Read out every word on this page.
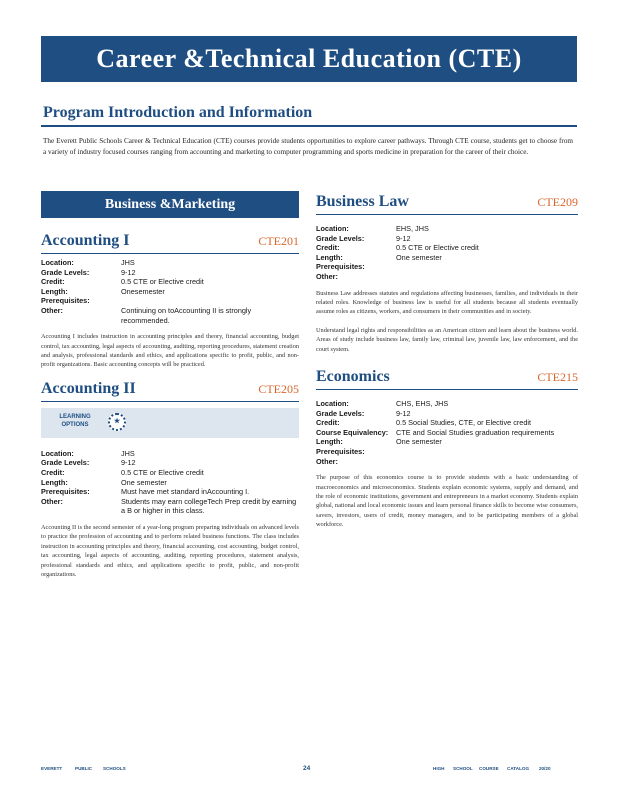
Career &Technical Education (CTE)
Program Introduction and Information
The Everett Public Schools Career & Technical Education (CTE) courses provide students opportunities to explore career pathways. Through CTE course, students get to choose from a variety of industry focused courses ranging from accounting and marketing to computer programming and sports medicine in preparation for the career of their choice.
Business &Marketing
Accounting I	CTE201
Location:	JHS
Grade Levels:	9-12
Credit:	0.5 CTE or Elective credit
Length:	Onesemester
Prerequisites:
Other:	Continuing on toAccounting II is strongly recommended.
Accounting I includes instruction in accounting principles and theory, financial accounting, budget control, tax accounting, legal aspects of accounting, auditing, reporting procedures, statement creation and analysis, professional standards and ethics, and applications specific to profit, public, and non-profit organizations. Basic accounting concepts will be practiced.
Accounting II	CTE205
LEARNING OPTIONS	★
Location:	JHS
Grade Levels:	9-12
Credit:	0.5 CTE or Elective credit
Length:	One semester
Prerequisites:	Must have met standard inAccounting I.
Other:	Students may earn collegeTech Prep credit by earning a B or higher in this class.
Accounting II is the second semester of a year-long program preparing individuals on advanced levels to practice the profession of accounting and to perform related business functions. The class includes instruction in accounting principles and theory, financial accounting, cost accounting, budget control, tax accounting, legal aspects of accounting, auditing, reporting procedures, statement analysis, professional standards and ethics, and applications specific to profit, public, and non-profit organizations.
Business Law	CTE209
Location:	EHS, JHS
Grade Levels:	9-12
Credit:	0.5 CTE or Elective credit
Length:	One semester
Prerequisites:
Other:
Business Law addresses statutes and regulations affecting businesses, families, and individuals in their related roles. Knowledge of business law is useful for all students because all students eventually assume roles as citizens, workers, and consumers in their communities and in society.
Understand legal rights and responsibilities as an American citizen and learn about the business world. Areas of study include business law, family law, criminal law, juvenile law, law enforcement, and the court system.
Economics	CTE215
Location:	CHS, EHS, JHS
Grade Levels:	9-12
Credit:	0.5 Social Studies, CTE, or Elective credit
Course Equivalency:	CTE and Social Studies graduation requirements
Length:	One semester
Prerequisites:
Other:
The purpose of this economics course is to provide students with a basic understanding of macroeconomics and microeconomics. Students explain economic systems, supply and demand, and the role of economic institutions, government and entrepreneurs in a market economy. Students explain global, national and local economic issues and learn personal finance skills to become wise consumers, savers, investors, users of credit, money managers, and to be participating members of a global workforce.
EVERETT	PUBLIC SCHOOLS	24	HIGH SCHOOL COURSE CATALOG 20/20
